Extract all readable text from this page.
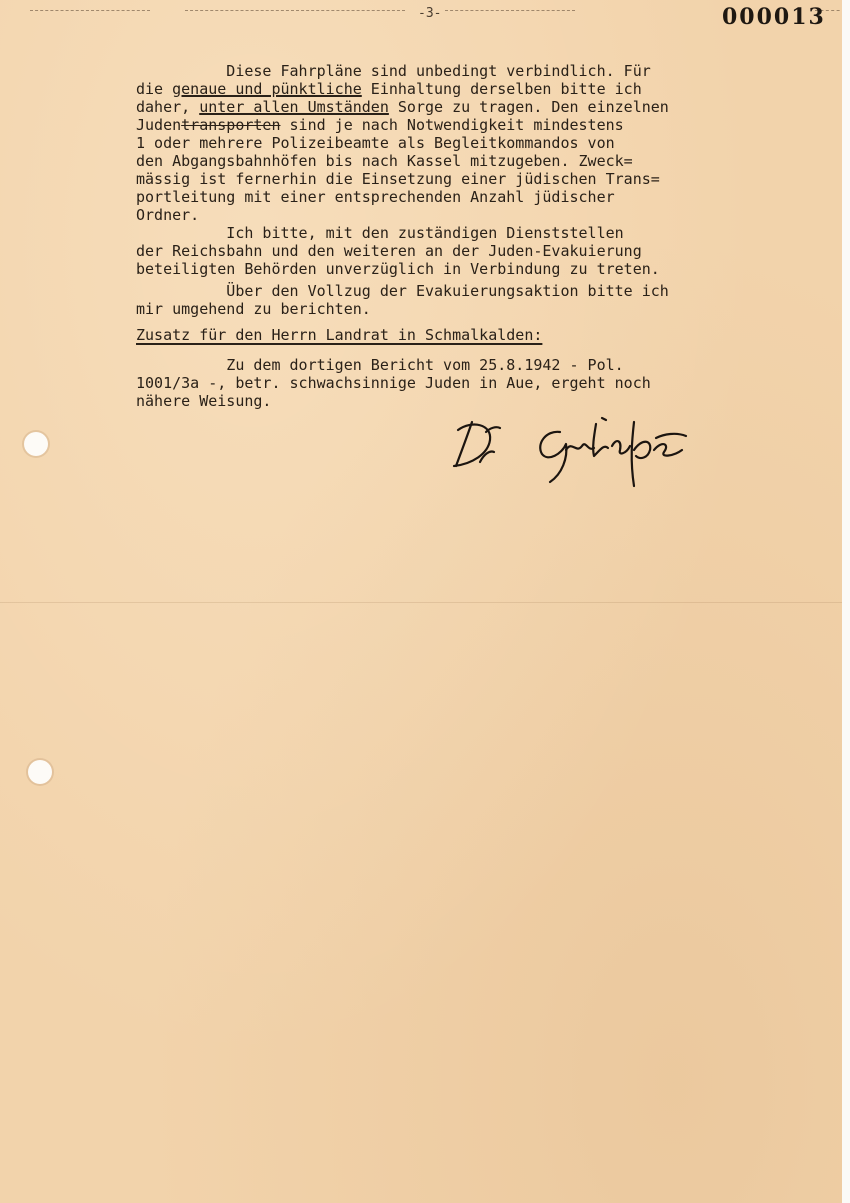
-3-	000013
Diese Fahrpläne sind unbedingt verbindlich. Für
die genaue und pünktliche Einhaltung derselben bitte ich
daher, unter allen Umständen Sorge zu tragen. Den einzelnen
Judentransporten sind je nach Notwendigkeit mindestens
1 oder mehrere Polizeibeamte als Begleitkommandos von
den Abgangsbahnhöfen bis nach Kassel mitzugeben. Zweck=
mässig ist fernerhin die Einsetzung einer jüdischen Trans=
portleitung mit einer entsprechenden Anzahl jüdischer
Ordner.
Ich bitte, mit den zuständigen Dienststellen
der Reichsbahn und den weiteren an der Juden-Evakuierung
beteiligten Behörden unverzüglich in Verbindung zu treten.
Über den Vollzug der Evakuierungsaktion bitte ich
mir umgehend zu berichten.
Zusatz für den Herrn Landrat in Schmalkalden:
Zu dem dortigen Bericht vom 25.8.1942 - Pol.
1001/3a -, betr. schwachsinnige Juden in Aue, ergeht noch
nähere Weisung.
